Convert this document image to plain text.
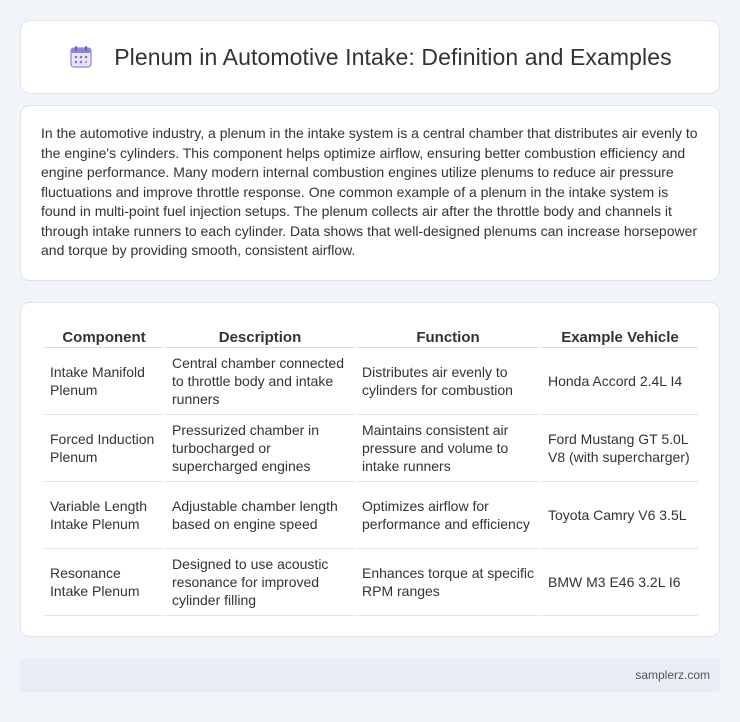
Plenum in Automotive Intake: Definition and Examples

In the automotive industry, a plenum in the intake system is a central chamber that distributes air evenly to the engine's cylinders. This component helps optimize airflow, ensuring better combustion efficiency and engine performance. Many modern internal combustion engines utilize plenums to reduce air pressure fluctuations and improve throttle response. One common example of a plenum in the intake system is found in multi-point fuel injection setups. The plenum collects air after the throttle body and channels it through intake runners to each cylinder. Data shows that well-designed plenums can increase horsepower and torque by providing smooth, consistent airflow.

Component	Description	Function	Example Vehicle
Intake Manifold Plenum	Central chamber connected to throttle body and intake runners	Distributes air evenly to cylinders for combustion	Honda Accord 2.4L I4
Forced Induction Plenum	Pressurized chamber in turbocharged or supercharged engines	Maintains consistent air pressure and volume to intake runners	Ford Mustang GT 5.0L V8 (with supercharger)
Variable Length Intake Plenum	Adjustable chamber length based on engine speed	Optimizes airflow for performance and efficiency	Toyota Camry V6 3.5L
Resonance Intake Plenum	Designed to use acoustic resonance for improved cylinder filling	Enhances torque at specific RPM ranges	BMW M3 E46 3.2L I6
samplerz.com
